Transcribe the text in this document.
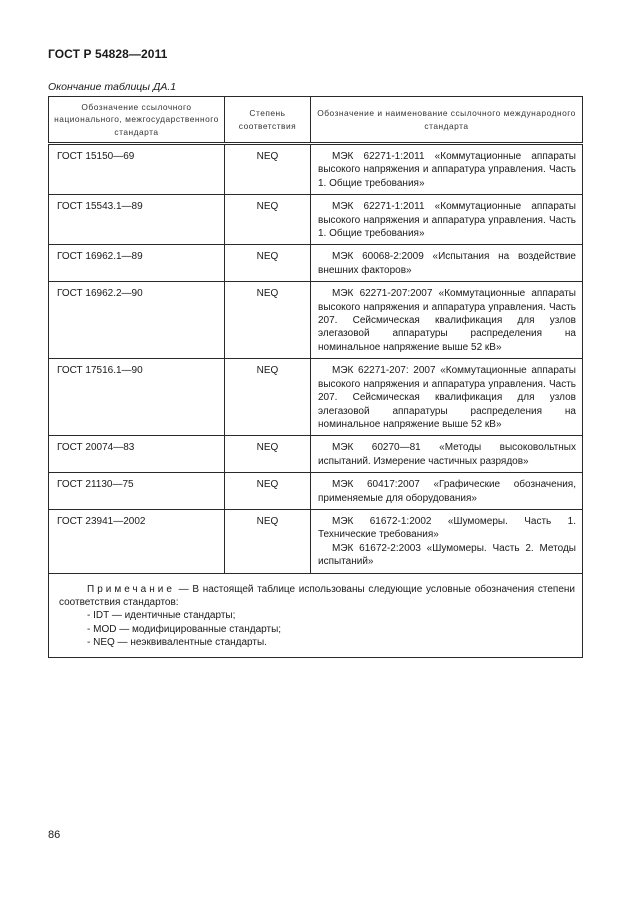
ГОСТ Р 54828—2011
Окончание таблицы ДА.1
Обозначение ссылочного национального, межгосударственного стандарта	Степень соответствия	Обозначение и наименование ссылочного международного стандарта
ГОСТ 15150—69	NEQ	МЭК 62271-1:2011 «Коммутационные аппараты высокого напряжения и аппаратура управления. Часть 1. Общие требования»

ГОСТ 15543.1—89	NEQ	МЭК 62271-1:2011 «Коммутационные аппараты высокого напряжения и аппаратура управления. Часть 1. Общие требования»

ГОСТ 16962.1—89	NEQ	МЭК 60068-2:2009 «Испытания на воздействие внешних факторов»

ГОСТ 16962.2—90	NEQ	МЭК 62271-207:2007 «Коммутационные аппараты высокого напряжения и аппаратура управления. Часть 207. Сейсмическая квалификация для узлов элегазовой аппаратуры распределения на номинальное напряжение выше 52 кВ»

ГОСТ 17516.1—90	NEQ	МЭК 62271-207: 2007 «Коммутационные аппараты высокого напряжения и аппаратура управления. Часть 207. Сейсмическая квалификация для узлов элегазовой аппаратуры распределения на номинальное напряжение выше 52 кВ»

ГОСТ 20074—83	NEQ	МЭК 60270—81 «Методы высоковольтных испытаний. Измерение частичных разрядов»

ГОСТ 21130—75	NEQ	МЭК 60417:2007 «Графические обозначения, применяемые для оборудования»

ГОСТ 23941—2002	NEQ	МЭК 61672-1:2002 «Шумомеры. Часть 1. Технические требования»

МЭК 61672-2:2003 «Шумомеры. Часть 2. Методы испытаний»

Примечание — В настоящей таблице использованы следующие условные обозначения степени соответствия стандартов:

- IDT — идентичные стандарты;

- MOD — модифицированные стандарты;

- NEQ — неэквивалентные стандарты.		

86
